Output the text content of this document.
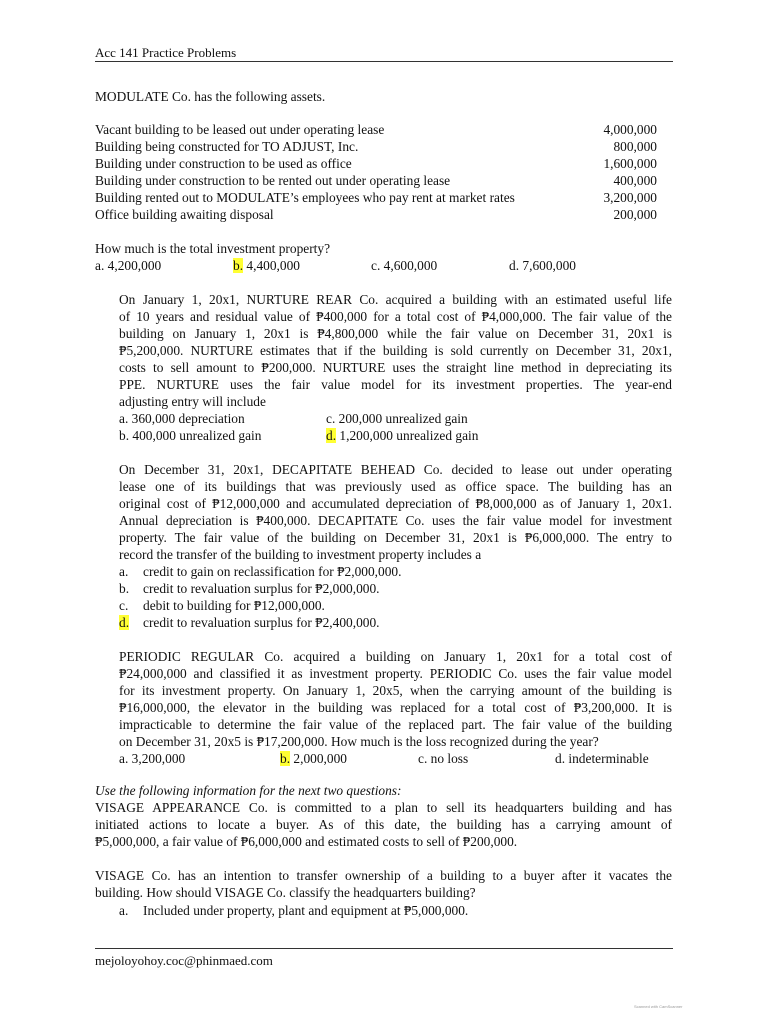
Acc 141 Practice Problems
MODULATE Co. has the following assets.
Vacant building to be leased out under operating lease	4,000,000
Building being constructed for TO ADJUST, Inc.	800,000
Building under construction to be used as office	1,600,000
Building under construction to be rented out under operating lease	400,000
Building rented out to MODULATE’s employees who pay rent at market rates	3,200,000
Office building awaiting disposal	200,000
How much is the total investment property?
a. 4,200,000	b. 4,400,000	c. 4,600,000	d. 7,600,000
On January 1, 20x1, NURTURE REAR Co. acquired a building with an estimated useful life
of 10 years and residual value of ₱400,000 for a total cost of ₱4,000,000. The fair value of the
building on January 1, 20x1 is ₱4,800,000 while the fair value on December 31, 20x1 is
₱5,200,000. NURTURE estimates that if the building is sold currently on December 31, 20x1,
costs to sell amount to ₱200,000. NURTURE uses the straight line method in depreciating its
PPE. NURTURE uses the fair value model for its investment properties. The year-end
adjusting entry will include
a. 360,000 depreciation	c. 200,000 unrealized gain
b. 400,000 unrealized gain	d. 1,200,000 unrealized gain
On December 31, 20x1, DECAPITATE BEHEAD Co. decided to lease out under operating
lease one of its buildings that was previously used as office space. The building has an
original cost of ₱12,000,000 and accumulated depreciation of ₱8,000,000 as of January 1, 20x1.
Annual depreciation is ₱400,000. DECAPITATE Co. uses the fair value model for investment
property. The fair value of the building on December 31, 20x1 is ₱6,000,000. The entry to
record the transfer of the building to investment property includes a
a. credit to gain on reclassification for ₱2,000,000.
b. credit to revaluation surplus for ₱2,000,000.
c. debit to building for ₱12,000,000.
d. credit to revaluation surplus for ₱2,400,000.
PERIODIC REGULAR Co. acquired a building on January 1, 20x1 for a total cost of
₱24,000,000 and classified it as investment property. PERIODIC Co. uses the fair value model
for its investment property. On January 1, 20x5, when the carrying amount of the building is
₱16,000,000, the elevator in the building was replaced for a total cost of ₱3,200,000. It is
impracticable to determine the fair value of the replaced part. The fair value of the building
on December 31, 20x5 is ₱17,200,000. How much is the loss recognized during the year?
a. 3,200,000	b. 2,000,000	c. no loss	d. indeterminable
Use the following information for the next two questions:
VISAGE APPEARANCE Co. is committed to a plan to sell its headquarters building and has
initiated actions to locate a buyer. As of this date, the building has a carrying amount of
₱5,000,000, a fair value of ₱6,000,000 and estimated costs to sell of ₱200,000.
VISAGE Co. has an intention to transfer ownership of a building to a buyer after it vacates the
building. How should VISAGE Co. classify the headquarters building?
a. Included under property, plant and equipment at ₱5,000,000.
mejoloyohoy.coc@phinmaed.com
Scanned with CamScanner
